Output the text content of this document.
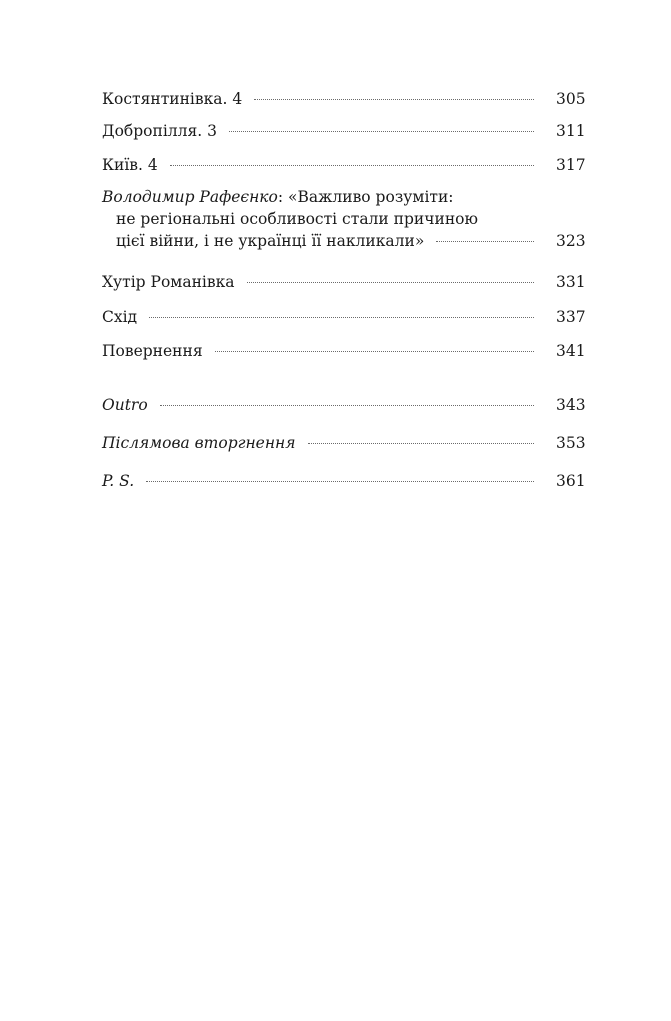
Костянтинівка. 4	305
Добропілля. 3	311
Київ. 4	317
Володимир Рафеєнко: «Важливо розуміти:
не регіональні особливості стали причиною
цієї війни, і не українці її накликали»	323
Хутір Романівка	331
Схід	337
Повернення	341
Outro	343
Післямова вторгнення	353
P. S.	361
